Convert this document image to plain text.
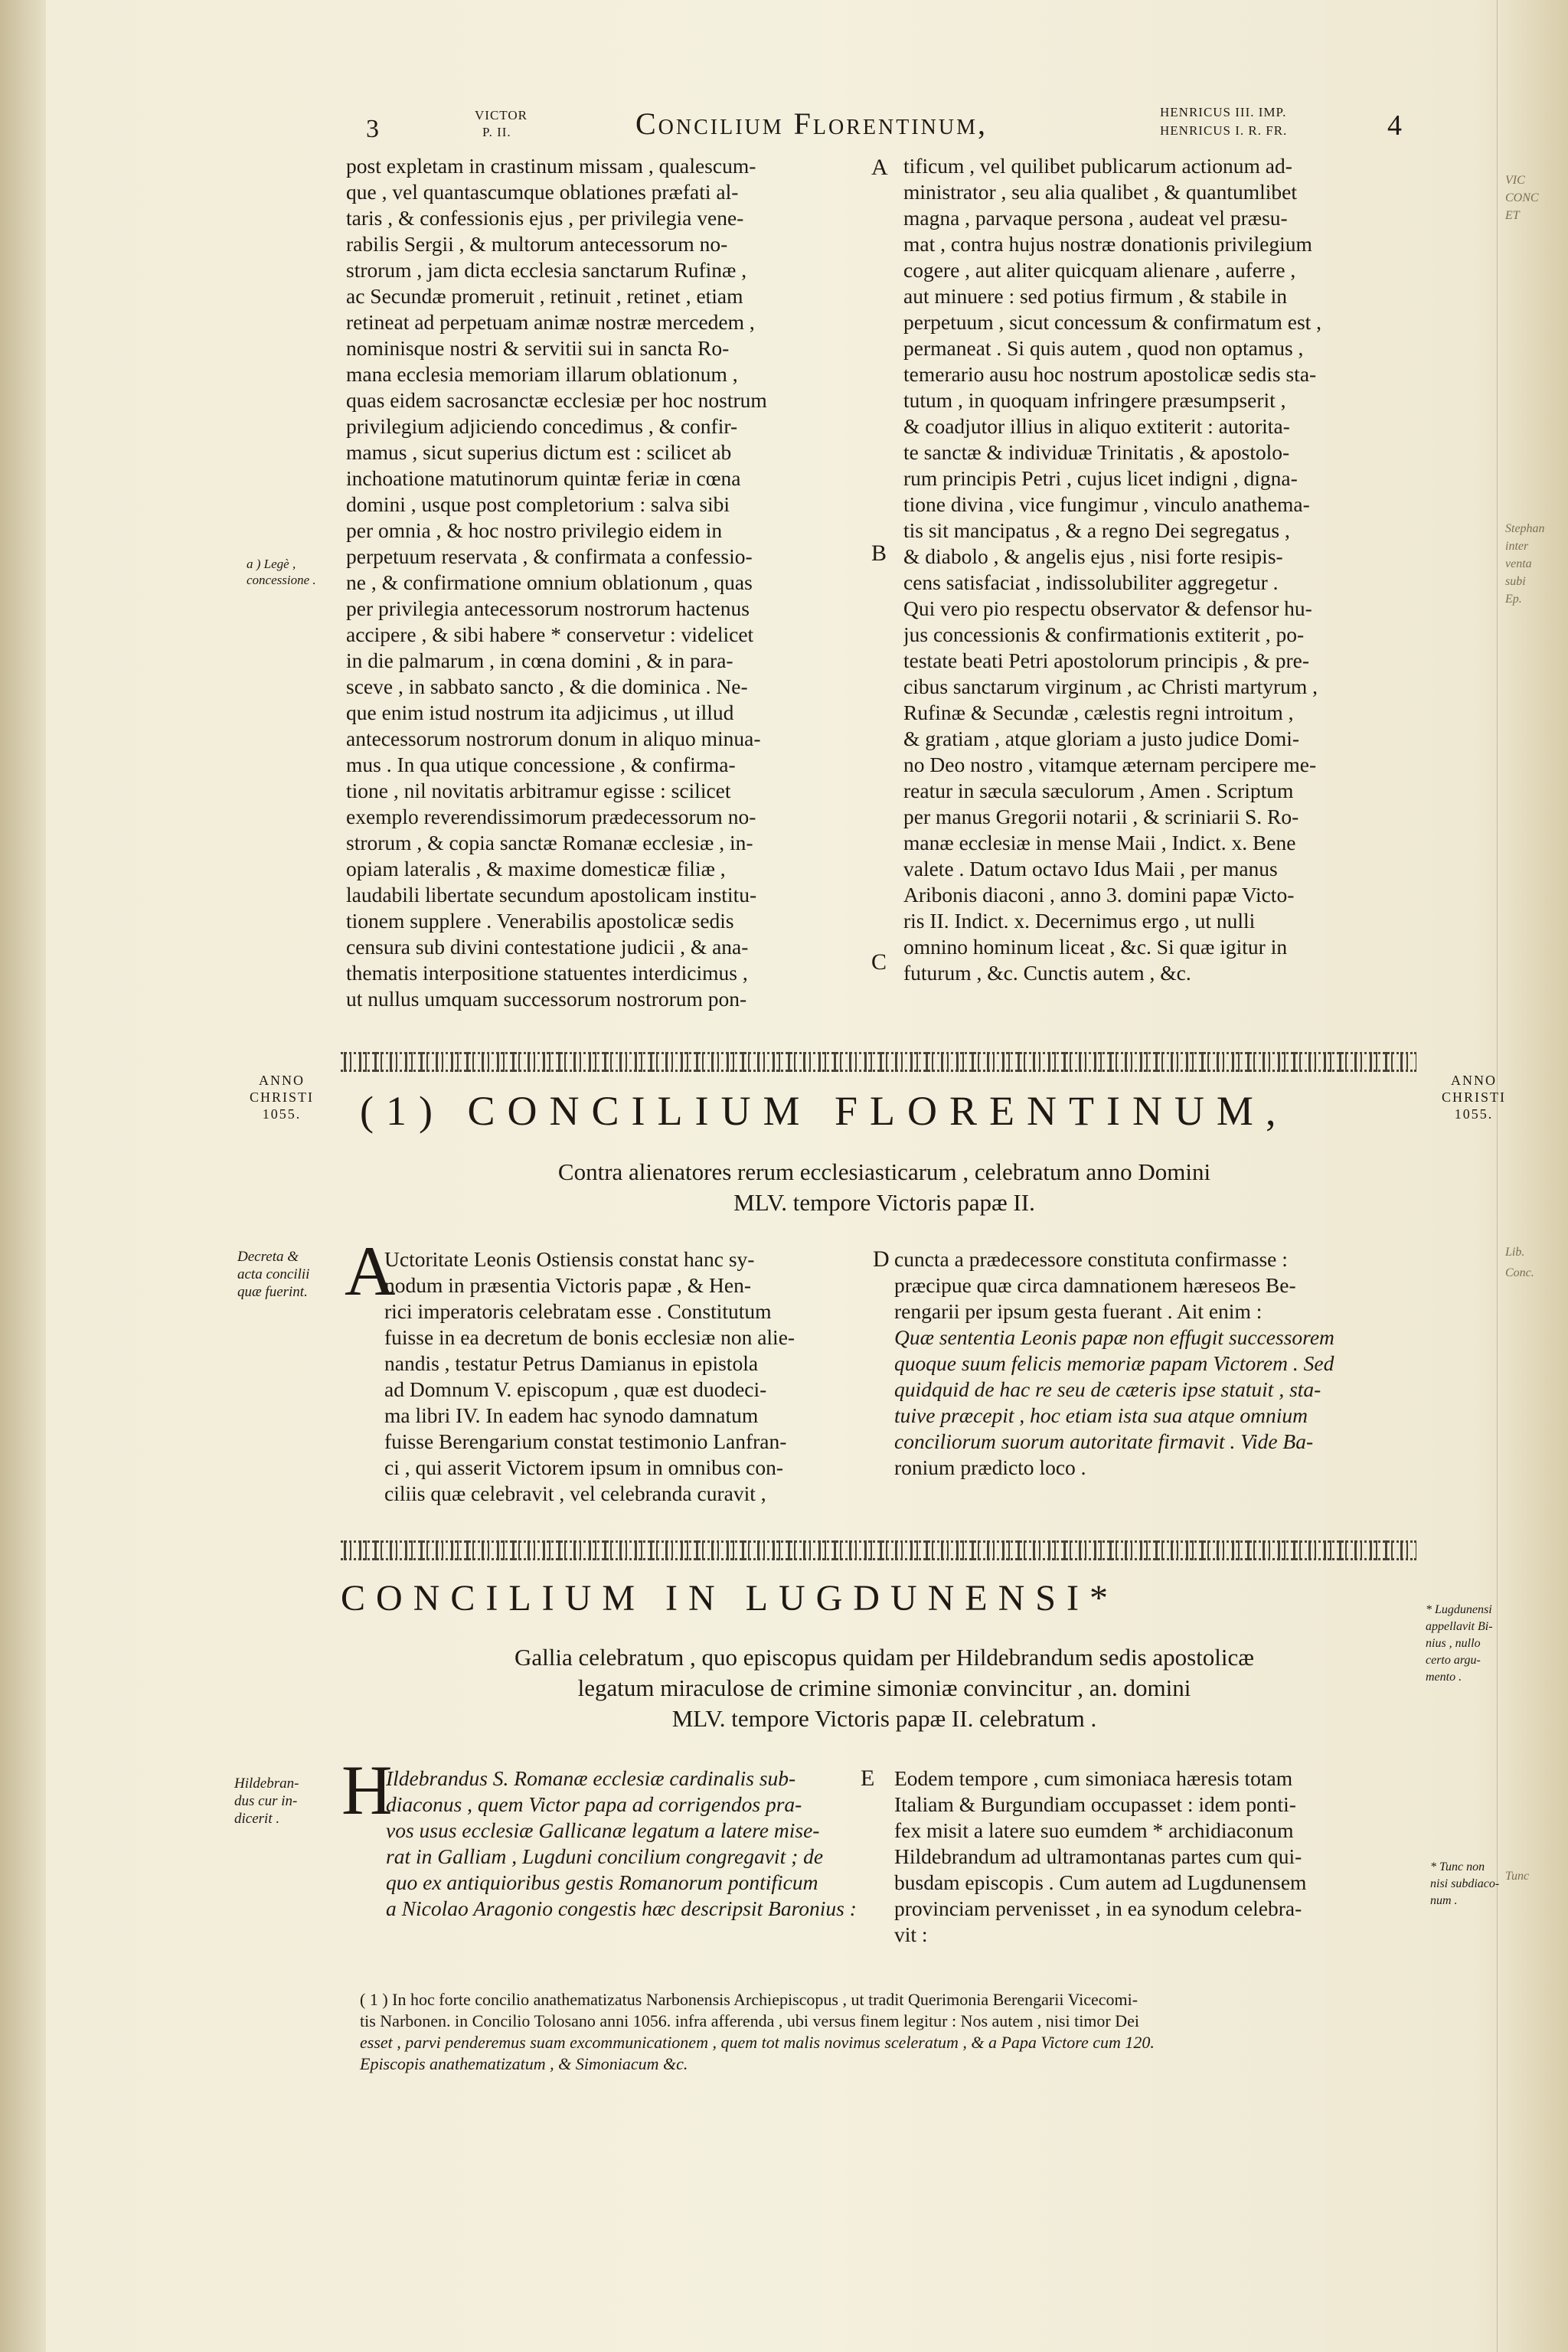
VIC
CONC
ET
Stephan
inter
venta
subi
Ep.
Lib.
Conc.
Tunc
3	VICTOR
P. II.	Concilium Florentinum,	HENRICUS III. IMP.
HENRICUS I. R. FR.	4
post expletam in crastinum missam , qualescum-
que , vel quantascumque oblationes præfati al-
taris , & confessionis ejus , per privilegia vene-
rabilis Sergii , & multorum antecessorum no-
strorum , jam dicta ecclesia sanctarum Rufinæ ,
ac Secundæ promeruit , retinuit , retinet , etiam
retineat ad perpetuam animæ nostræ mercedem ,
nominisque nostri & servitii sui in sancta Ro-
mana ecclesia memoriam illarum oblationum ,
quas eidem sacrosanctæ ecclesiæ per hoc nostrum
privilegium adjiciendo concedimus , & confir-
mamus , sicut superius dictum est : scilicet ab
inchoatione matutinorum quintæ feriæ in cœna
domini , usque post completorium : salva sibi
per omnia , & hoc nostro privilegio eidem in
perpetuum reservata , & confirmata a confessio-
ne , & confirmatione omnium oblationum , quas
per privilegia antecessorum nostrorum hactenus
accipere , & sibi habere * conservetur : videlicet
in die palmarum , in cœna domini , & in para-
sceve , in sabbato sancto , & die dominica . Ne-
que enim istud nostrum ita adjicimus , ut illud
antecessorum nostrorum donum in aliquo minua-
mus . In qua utique concessione , & confirma-
tione , nil novitatis arbitramur egisse : scilicet
exemplo reverendissimorum prædecessorum no-
strorum , & copia sanctæ Romanæ ecclesiæ , in-
opiam lateralis , & maxime domesticæ filiæ ,
laudabili libertate secundum apostolicam institu-
tionem supplere . Venerabilis apostolicæ sedis
censura sub divini contestatione judicii , & ana-
thematis interpositione statuentes interdicimus ,
ut nullus umquam successorum nostrorum pon-
tificum , vel quilibet publicarum actionum ad-
ministrator , seu alia qualibet , & quantumlibet
magna , parvaque persona , audeat vel præsu-
mat , contra hujus nostræ donationis privilegium
cogere , aut aliter quicquam alienare , auferre ,
aut minuere : sed potius firmum , & stabile in
perpetuum , sicut concessum & confirmatum est ,
permaneat . Si quis autem , quod non optamus ,
temerario ausu hoc nostrum apostolicæ sedis sta-
tutum , in quoquam infringere præsumpserit ,
& coadjutor illius in aliquo extiterit : autorita-
te sanctæ & individuæ Trinitatis , & apostolo-
rum principis Petri , cujus licet indigni , digna-
tione divina , vice fungimur , vinculo anathema-
tis sit mancipatus , & a regno Dei segregatus ,
& diabolo , & angelis ejus , nisi forte resipis-
cens satisfaciat , indissolubiliter aggregetur .
Qui vero pio respectu observator & defensor hu-
jus concessionis & confirmationis extiterit , po-
testate beati Petri apostolorum principis , & pre-
cibus sanctarum virginum , ac Christi martyrum ,
Rufinæ & Secundæ , cælestis regni introitum ,
& gratiam , atque gloriam a justo judice Domi-
no Deo nostro , vitamque æternam percipere me-
reatur in sæcula sæculorum , Amen . Scriptum
per manus Gregorii notarii , & scriniarii S. Ro-
manæ ecclesiæ in mense Maii , Indict. x. Bene
valete . Datum octavo Idus Maii , per manus
Aribonis diaconi , anno 3. domini papæ Victo-
ris II. Indict. x. Decernimus ergo , ut nulli
omnino hominum liceat , &c. Si quæ igitur in
futurum , &c. Cunctis autem , &c.
A
B
C
a ) Legè ,
concessione .
ANNO
CHRISTI
1055.
ANNO
CHRISTI
1055.
(1) CONCILIUM FLORENTINUM,
Contra alienatores rerum ecclesiasticarum , celebratum anno Domini
MLV. tempore Victoris papæ II.
Decreta &
acta concilii
quæ fuerint. A
Uctoritate Leonis Ostiensis constat hanc sy-
nodum in præsentia Victoris papæ , & Hen-
rici imperatoris celebratam esse . Constitutum
fuisse in ea decretum de bonis ecclesiæ non alie-
nandis , testatur Petrus Damianus in epistola
ad Domnum V. episcopum , quæ est duodeci-
ma libri IV. In eadem hac synodo damnatum
fuisse Berengarium constat testimonio Lanfran-
ci , qui asserit Victorem ipsum in omnibus con-
ciliis quæ celebravit , vel celebranda curavit ,
D cuncta a prædecessore constituta confirmasse :
præcipue quæ circa damnationem hæreseos Be-
rengarii per ipsum gesta fuerant . Ait enim :
Quæ sententia Leonis papæ non effugit successorem
quoque suum felicis memoriæ papam Victorem . Sed
quidquid de hac re seu de cæteris ipse statuit , sta-
tuive præcepit , hoc etiam ista sua atque omnium
conciliorum suorum autoritate firmavit . Vide Ba-
ronium prædicto loco .
CONCILIUM IN LUGDUNENSI*	* Lugdunensi
appellavit Bi-
nius , nullo
certo argu-
mento .
Gallia celebratum , quo episcopus quidam per Hildebrandum sedis apostolicæ
legatum miraculose de crimine simoniæ convincitur , an. domini
MLV. tempore Victoris papæ II. celebratum .
Hildebran-
dus cur in-
dicerit . H
Ildebrandus S. Romanæ ecclesiæ cardinalis sub-
diaconus , quem Victor papa ad corrigendos pra-
vos usus ecclesiæ Gallicanæ legatum a latere mise-
rat in Galliam , Lugduni concilium congregavit ; de
quo ex antiquioribus gestis Romanorum pontificum
a Nicolao Aragonio congestis hæc descripsit Baronius :
E Eodem tempore , cum simoniaca hæresis totam
Italiam & Burgundiam occupasset : idem ponti-
fex misit a latere suo eumdem * archidiaconum
Hildebrandum ad ultramontanas partes cum qui-
busdam episcopis . Cum autem ad Lugdunensem
provinciam pervenisset , in ea synodum celebra-
vit :
* Tunc non
nisi subdiaco-
num .
( 1 ) In hoc forte concilio anathematizatus Narbonensis Archiepiscopus , ut tradit Querimonia Berengarii Vicecomi-
tis Narbonen. in Concilio Tolosano anni 1056. infra afferenda , ubi versus finem legitur : Nos autem , nisi timor Dei
esset , parvi penderemus suam excommunicationem , quem tot malis novimus sceleratum , & a Papa Victore cum 120.
Episcopis anathematizatum , & Simoniacum &c.
